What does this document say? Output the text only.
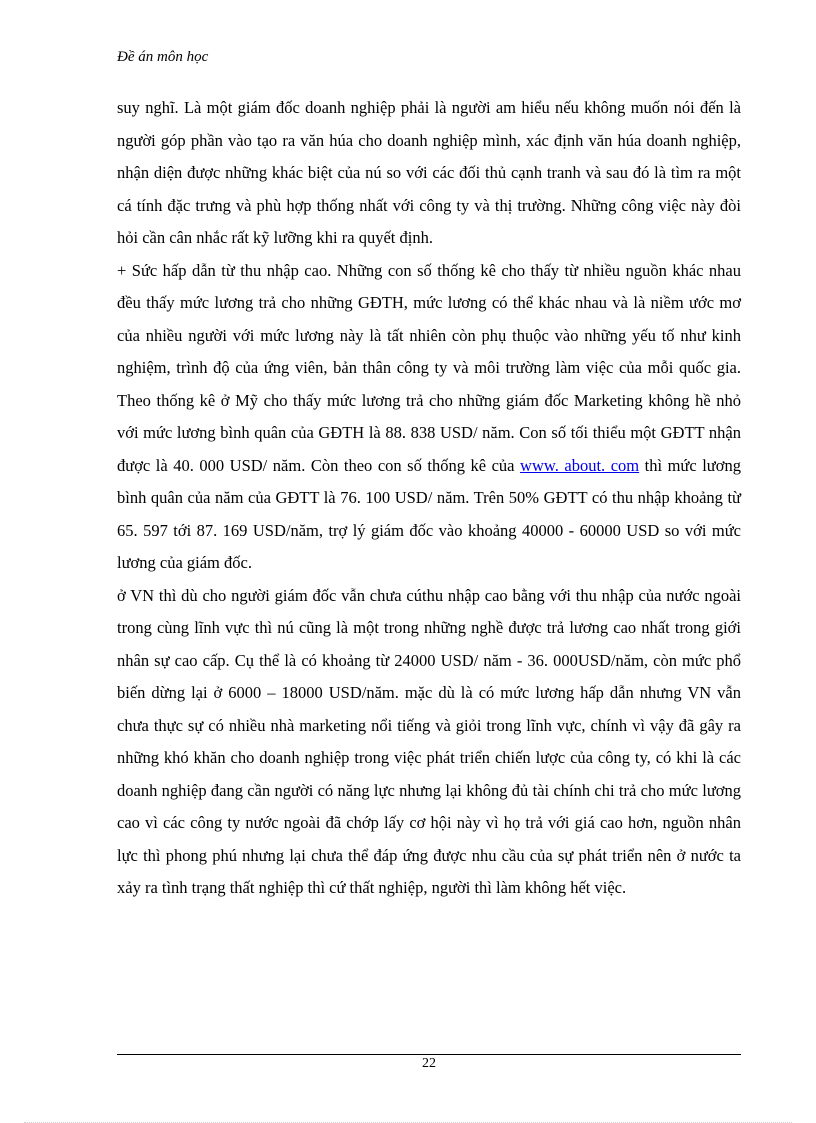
Đề án môn học

suy nghĩ. Là một giám đốc doanh nghiệp phải là người am hiểu nếu không muốn nói đến là người góp phần vào tạo ra văn húa cho doanh nghiệp mình, xác định văn húa doanh nghiệp, nhận diện được những khác biệt của nú so với các đối thủ cạnh tranh và sau đó là tìm ra một cá tính đặc trưng và phù hợp thống nhất với công ty và thị trường. Những công việc này đòi hỏi cần cân nhắc rất kỹ lưỡng khi ra quyết định.

+ Sức hấp dẫn từ thu nhập cao. Những con số thống kê cho thấy từ nhiều nguồn khác nhau đều thấy mức lương trả cho những GĐTH, mức lương có thể khác nhau và là niềm ước mơ của nhiều người với mức lương này là tất nhiên còn phụ thuộc vào những yếu tố như kinh nghiệm, trình độ của ứng viên, bản thân công ty và môi trường làm việc của mỗi quốc gia. Theo thống kê ở Mỹ cho thấy mức lương trả cho những giám đốc Marketing không hề nhỏ với mức lương bình quân của GĐTH là 88. 838 USD/ năm. Con số tối thiểu một GĐTT nhận được là 40. 000 USD/ năm. Còn theo con số thống kê của www. about. com thì mức lương bình quân của năm của GĐTT là 76. 100 USD/ năm. Trên 50% GĐTT có thu nhập khoảng từ 65. 597 tới 87. 169 USD/năm, trợ lý giám đốc vào khoảng 40000 - 60000 USD so với mức lương của giám đốc.

ở VN thì dù cho người giám đốc vẫn chưa cúthu nhập cao bằng với thu nhập của nước ngoài trong cùng lĩnh vực thì nú cũng là một trong những nghề được trả lương cao nhất trong giới nhân sự cao cấp. Cụ thể là có khoảng từ 24000 USD/ năm - 36. 000USD/năm, còn mức phổ biến dừng lại ở 6000 – 18000 USD/năm. mặc dù là có mức lương hấp dẫn nhưng VN vẫn chưa thực sự có nhiều nhà marketing nổi tiếng và giỏi trong lĩnh vực, chính vì vậy đã gây ra những khó khăn cho doanh nghiệp trong việc phát triển chiến lược của công ty, có khi là các doanh nghiệp đang cần người có năng lực nhưng lại không đủ tài chính chi trả cho mức lương cao vì các công ty nước ngoài đã chớp lấy cơ hội này vì họ trả với giá cao hơn, nguồn nhân lực thì phong phú nhưng lại chưa thể đáp ứng được nhu cầu của sự phát triển nên ở nước ta xảy ra tình trạng thất nghiệp thì cứ thất nghiệp, người thì làm không hết việc.

22
